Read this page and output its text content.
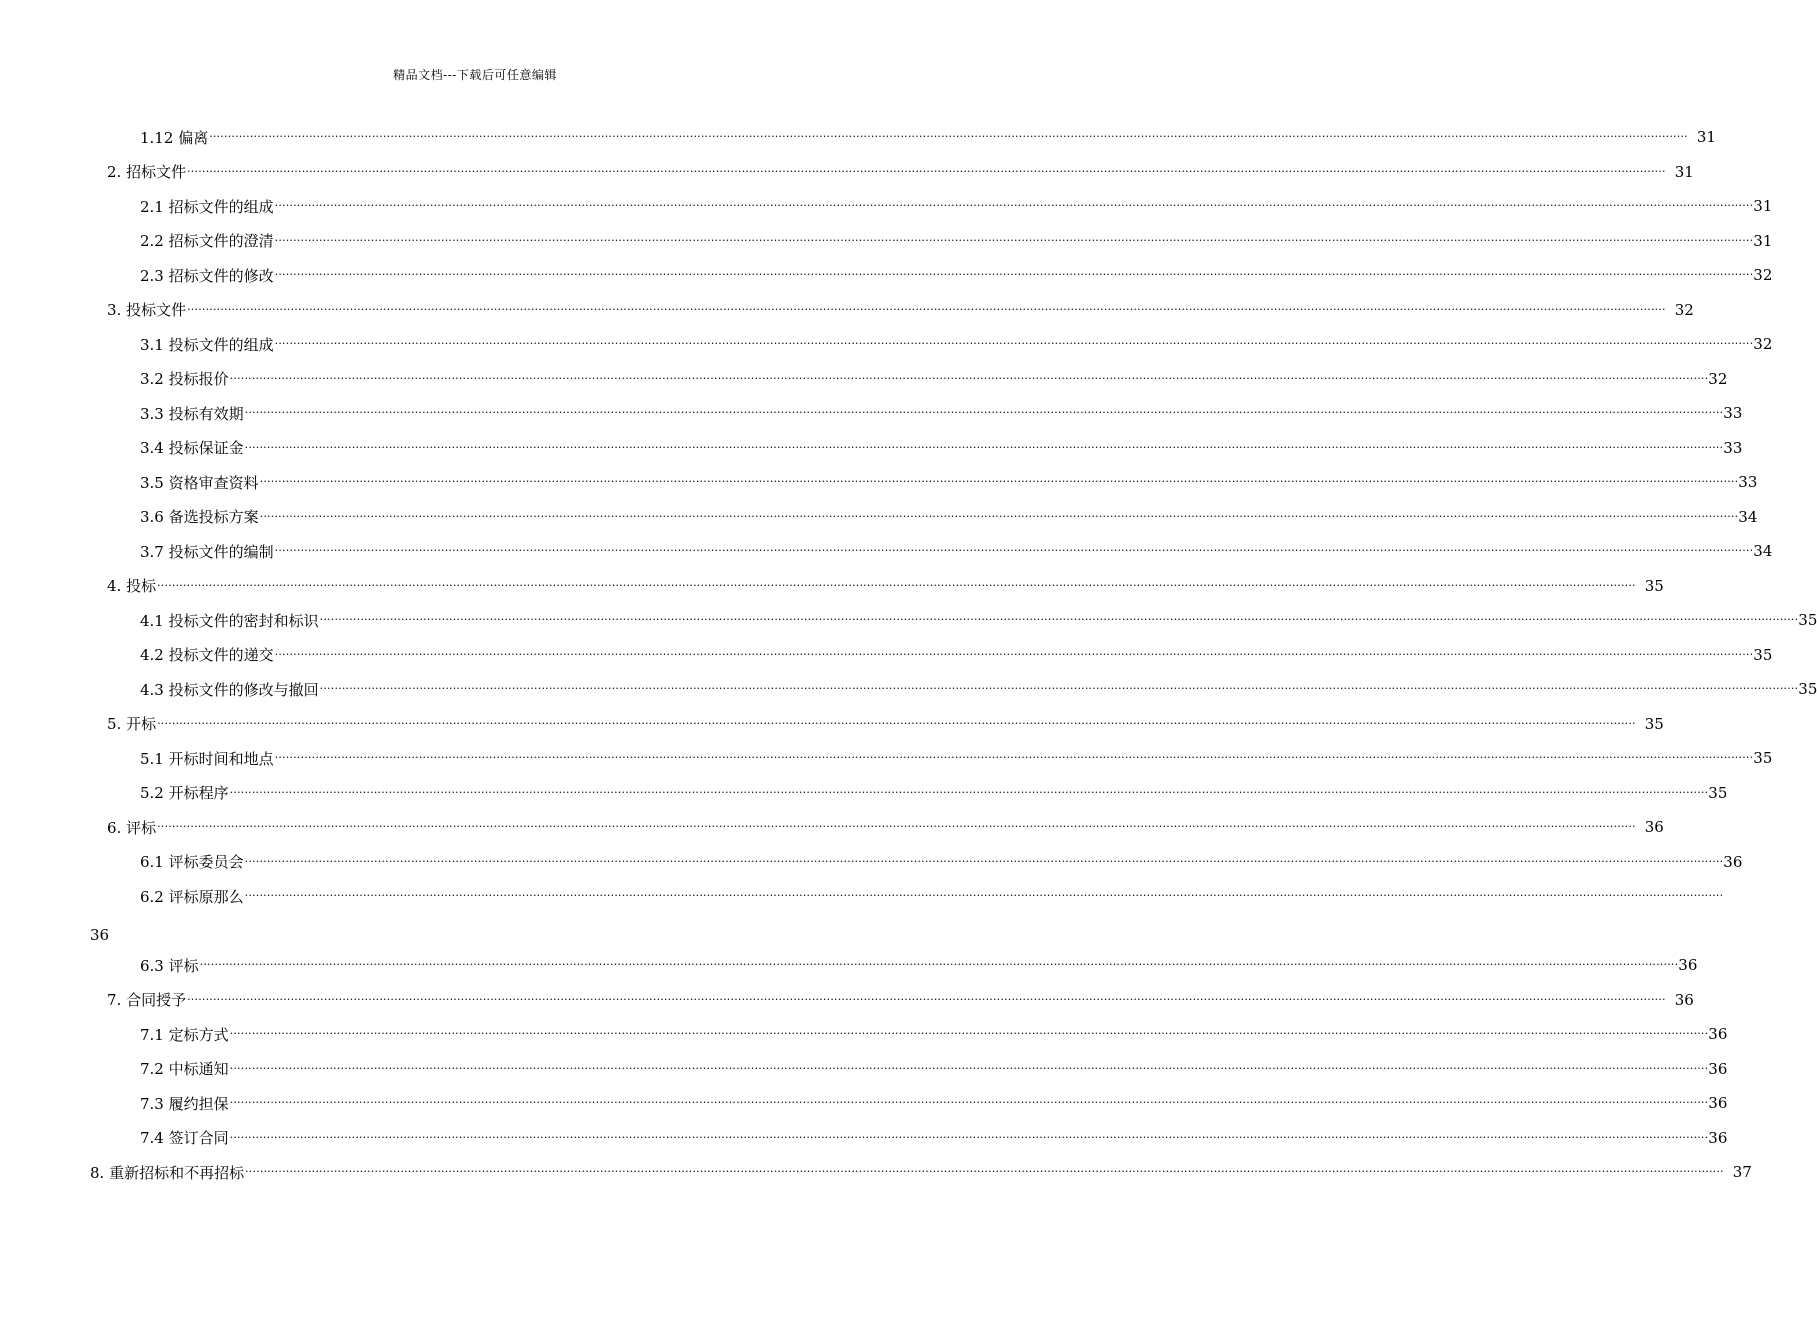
精品文档---下载后可任意编辑
1.12 偏离 ················································································································································································································································································································································································································ 31
2. 招标文件 ················································································································································································································································································································································································································ 31
2.1 招标文件的组成 ················································································································································································································································································································································································································ 31
2.2 招标文件的澄清 ················································································································································································································································································································································································································ 31
2.3 招标文件的修改 ················································································································································································································································································································································································································ 32
3. 投标文件 ················································································································································································································································································································································································································ 32
3.1 投标文件的组成 ················································································································································································································································································································································································································ 32
3.2 投标报价 ················································································································································································································································································································································································································ 32
3.3 投标有效期 ················································································································································································································································································································································································································ 33
3.4 投标保证金 ················································································································································································································································································································································································································ 33
3.5 资格审查资料 ················································································································································································································································································································································································································ 33
3.6 备选投标方案 ················································································································································································································································································································································································································ 34
3.7 投标文件的编制 ················································································································································································································································································································································································································ 34
4. 投标 ················································································································································································································································································································································································································ 35
4.1 投标文件的密封和标识 ················································································································································································································································································································································································································ 35
4.2 投标文件的递交 ················································································································································································································································································································································································································ 35
4.3 投标文件的修改与撤回 ················································································································································································································································································································································································································ 35
5. 开标 ················································································································································································································································································································································································································ 35
5.1 开标时间和地点 ················································································································································································································································································································································································································ 35
5.2 开标程序 ················································································································································································································································································································································································································ 35
6. 评标 ················································································································································································································································································································································································································ 36
6.1 评标委员会 ················································································································································································································································································································································································································ 36
6.2 评标原那么 ················································································································································································································································································································································································································
36
6.3 评标 ················································································································································································································································································································································································································ 36
7. 合同授予 ················································································································································································································································································································································································································ 36
7.1 定标方式 ················································································································································································································································································································································································································ 36
7.2 中标通知 ················································································································································································································································································································································································································ 36
7.3 履约担保 ················································································································································································································································································································································································································ 36
7.4 签订合同 ················································································································································································································································································································································································································ 36
8. 重新招标和不再招标 ················································································································································································································································································································································································································ 37
